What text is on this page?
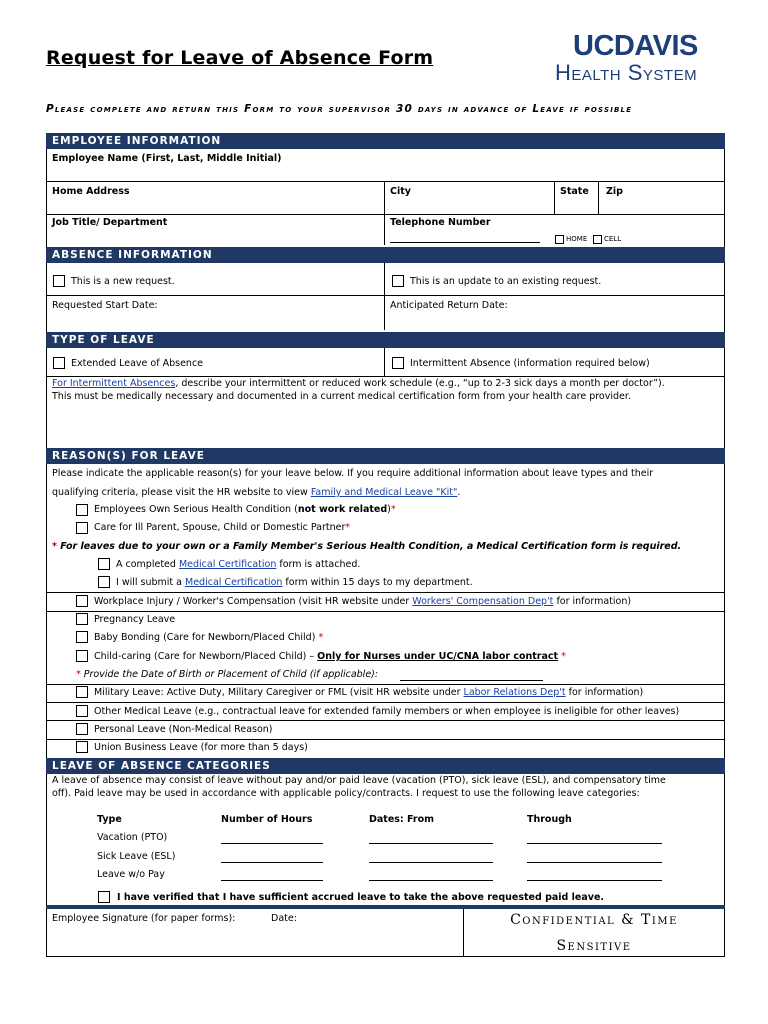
Request for Leave of Absence Form	UCDAVIS
Health System
Please complete and return this Form to your supervisor 30 days in advance of Leave if possible
EMPLOYEE INFORMATION
Employee Name (First, Last, Middle Initial)
Home Address	City	State Zip
Job Title/ Department	Telephone Number
HOME CELL
ABSENCE INFORMATION
This is a new request.	This is an update to an existing request.
Requested Start Date:	Anticipated Return Date:
TYPE OF LEAVE
Extended Leave of Absence	Intermittent Absence (information required below)
For Intermittent Absences, describe your intermittent or reduced work schedule (e.g., “up to 2-3 sick days a month per doctor”).
This must be medically necessary and documented in a current medical certification form from your health care provider.
REASON(S) FOR LEAVE
Please indicate the applicable reason(s) for your leave below. If you require additional information about leave types and their
qualifying criteria, please visit the HR website to view Family and Medical Leave "Kit".
Employees Own Serious Health Condition (not work related)*
Care for Ill Parent, Spouse, Child or Domestic Partner*
* For leaves due to your own or a Family Member's Serious Health Condition, a Medical Certification form is required.
A completed Medical Certification form is attached.
I will submit a Medical Certification form within 15 days to my department.
Workplace Injury / Worker's Compensation (visit HR website under Workers' Compensation Dep't for information)
Pregnancy Leave
Baby Bonding (Care for Newborn/Placed Child) *
Child-caring (Care for Newborn/Placed Child) – Only for Nurses under UC/CNA labor contract *
* Provide the Date of Birth or Placement of Child (if applicable):
Military Leave: Active Duty, Military Caregiver or FML (visit HR website under Labor Relations Dep't for information)
Other Medical Leave (e.g., contractual leave for extended family members or when employee is ineligible for other leaves)
Personal Leave (Non-Medical Reason)
Union Business Leave (for more than 5 days)
LEAVE OF ABSENCE CATEGORIES
A leave of absence may consist of leave without pay and/or paid leave (vacation (PTO), sick leave (ESL), and compensatory time
off). Paid leave may be used in accordance with applicable policy/contracts. I request to use the following leave categories:
Type	Number of Hours	Dates: From	Through
Vacation (PTO)
Sick Leave (ESL)
Leave w/o Pay
I have verified that I have sufficient accrued leave to take the above requested paid leave.
Employee Signature (for paper forms):	Date:	Confidential & Time
Sensitive
